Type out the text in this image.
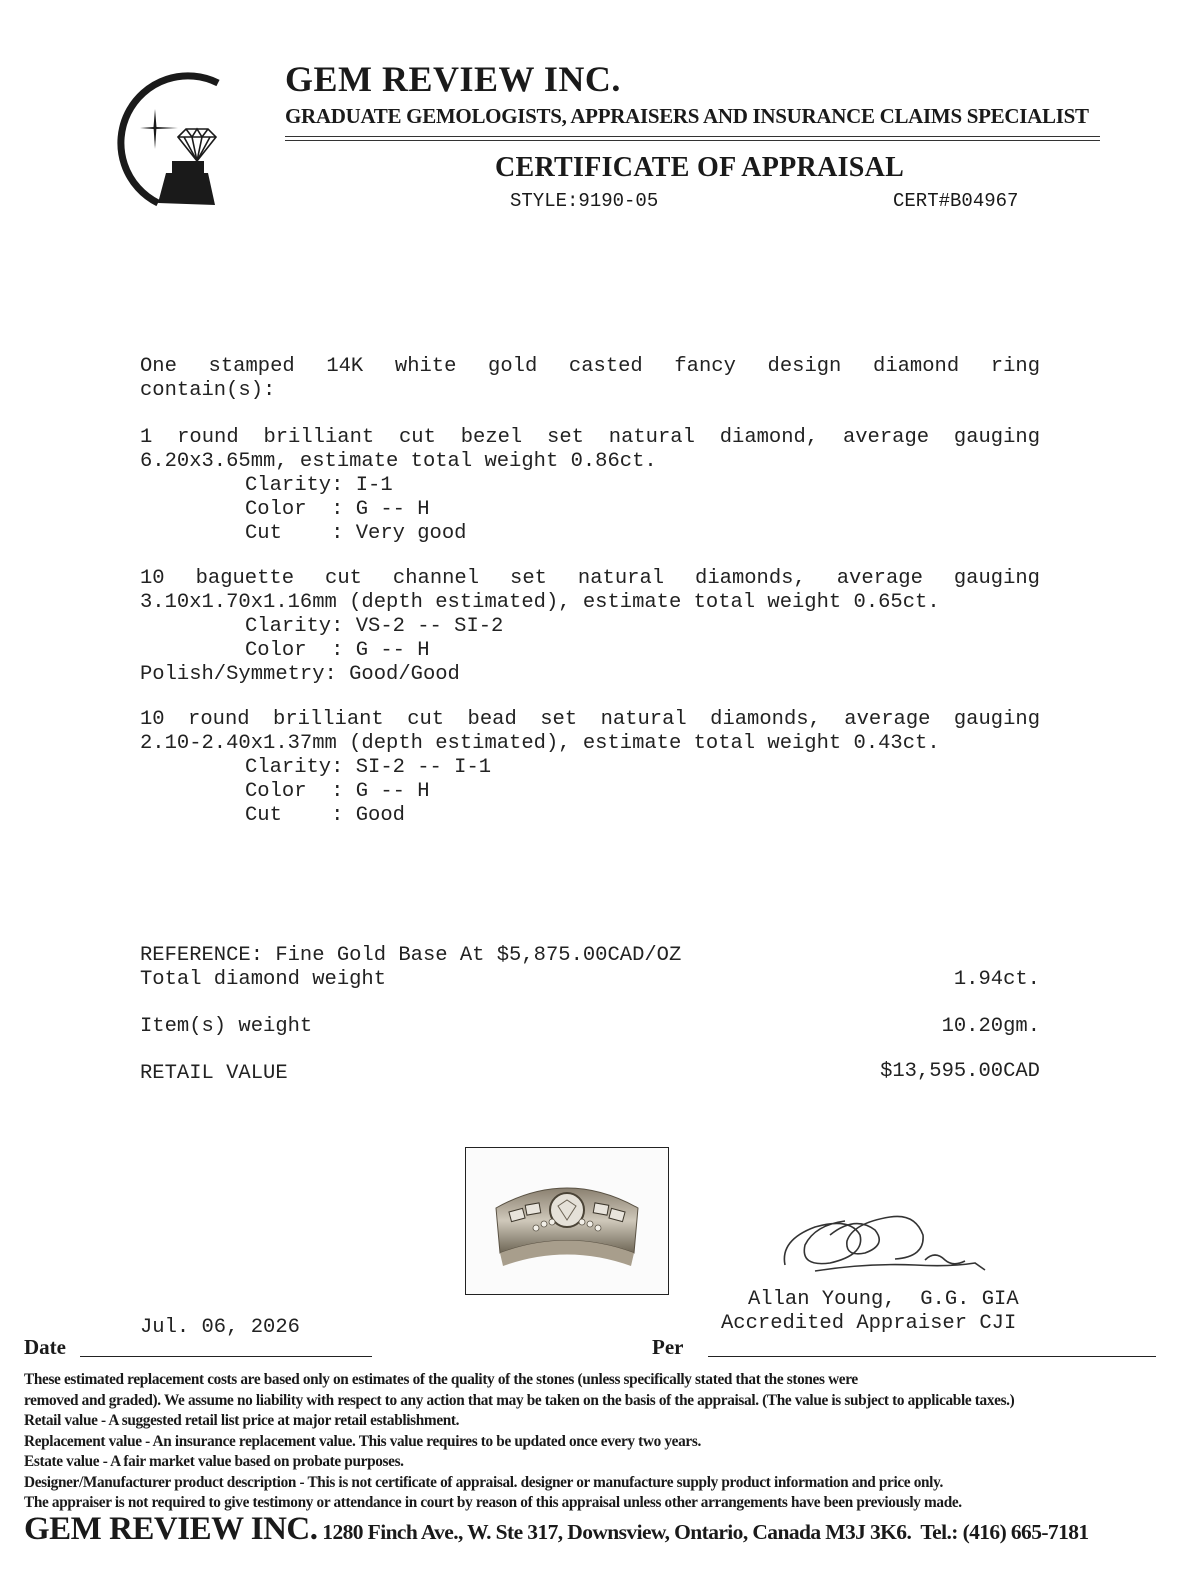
GEM REVIEW INC.
GRADUATE GEMOLOGISTS, APPRAISERS AND INSURANCE CLAIMS SPECIALIST
CERTIFICATE OF APPRAISAL
STYLE:9190-05	CERT#B04967
One stamped 14K white gold casted fancy design diamond ring
contain(s):
1 round brilliant cut bezel set natural diamond, average gauging
6.20x3.65mm, estimate total weight 0.86ct.
Clarity: I-1
Color  : G -- H
Cut    : Very good
10 baguette cut channel set natural diamonds, average gauging
3.10x1.70x1.16mm (depth estimated), estimate total weight 0.65ct.
Clarity: VS-2 -- SI-2
Color  : G -- H
Polish/Symmetry: Good/Good
10 round brilliant cut bead set natural diamonds, average gauging
2.10-2.40x1.37mm (depth estimated), estimate total weight 0.43ct.
Clarity: SI-2 -- I-1
Color  : G -- H
Cut    : Good
REFERENCE: Fine Gold Base At $5,875.00CAD/OZ
Total diamond weight	1.94ct.
Item(s) weight	10.20gm.
RETAIL VALUE	$13,595.00CAD
Allan Young,  G.G. GIA
Accredited Appraiser CJI
Jul. 06, 2026
Date	Per
These estimated replacement costs are based only on estimates of the quality of the stones (unless specifically stated that the stones were
removed and graded). We assume no liability with respect to any action that may be taken on the basis of the appraisal. (The value is subject to applicable taxes.)
Retail value - A suggested retail list price at major retail establishment.
Replacement value - An insurance replacement value. This value requires to be updated once every two years.
Estate value - A fair market value based on probate purposes.
Designer/Manufacturer product description - This is not certificate of appraisal. designer or manufacture supply product information and price only.
The appraiser is not required to give testimony or attendance in court by reason of this appraisal unless other arrangements have been previously made.
GEM REVIEW INC. 1280 Finch Ave., W. Ste 317, Downsview, Ontario, Canada M3J 3K6.  Tel.: (416) 665-7181
